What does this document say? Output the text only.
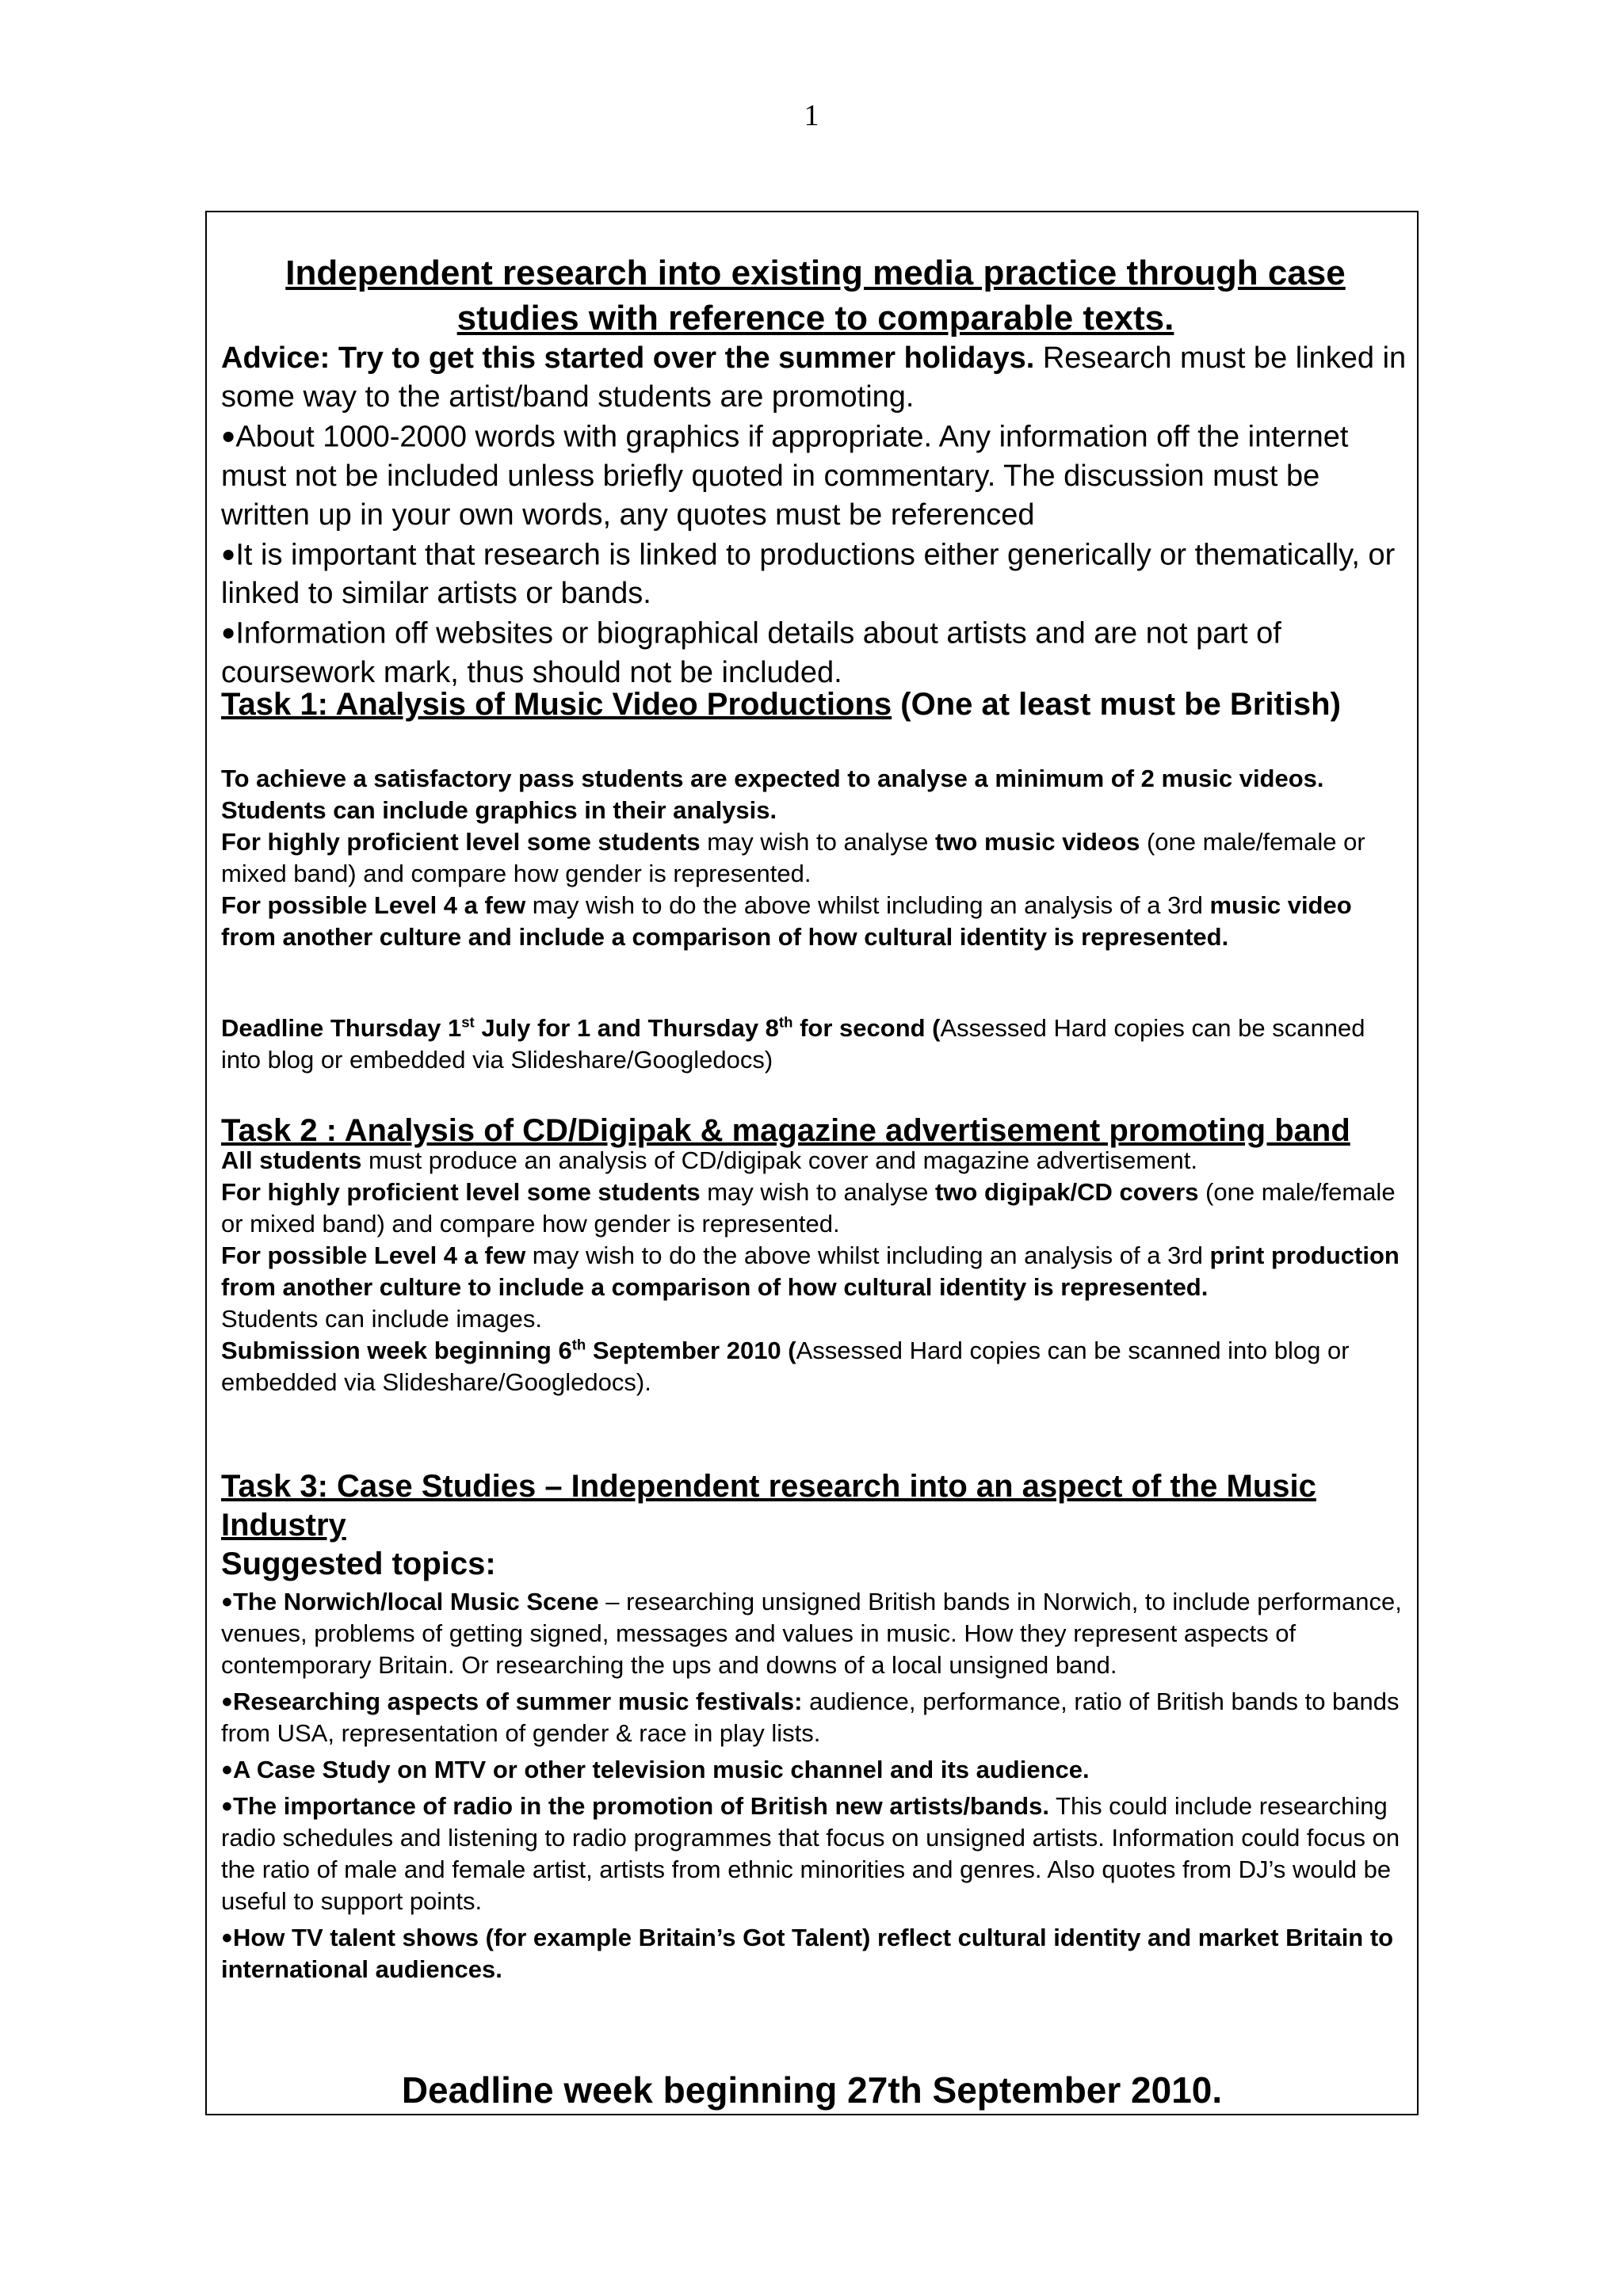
1
Independent research into existing media practice through case
studies with reference to comparable texts.

Advice: Try to get this started over the summer holidays. Research must be linked in some way to the artist/band students are promoting.

●About 1000-2000 words with graphics if appropriate. Any information off the internet must not be included unless briefly quoted in commentary. The discussion must be written up in your own words, any quotes must be referenced

●It is important that research is linked to productions either generically or thematically, or linked to similar artists or bands.

●Information off websites or biographical details about artists and are not part of coursework mark, thus should not be included.

Task 1: Analysis of Music Video Productions (One at least must be British)

To achieve a satisfactory pass students are expected to analyse a minimum of 2 music videos. Students can include graphics in their analysis.

For highly proficient level some students may wish to analyse two music videos (one male/female or mixed band) and compare how gender is represented.

For possible Level 4 a few may wish to do the above whilst including an analysis of a 3rd music video from another culture and include a comparison of how cultural identity is represented.

Deadline Thursday 1st July for 1 and Thursday 8th for second (Assessed Hard copies can be scanned into blog or embedded via Slideshare/Googledocs)
Task 2 : Analysis of CD/Digipak & magazine advertisement promoting band

All students must produce an analysis of CD/digipak cover and magazine advertisement.

For highly proficient level some students may wish to analyse two digipak/CD covers (one male/female or mixed band) and compare how gender is represented.

For possible Level 4 a few may wish to do the above whilst including an analysis of a 3rd print production from another culture to include a comparison of how cultural identity is represented.

Students can include images.

Submission week beginning 6th September 2010 (Assessed Hard copies can be scanned into blog or embedded via Slideshare/Googledocs).

Task 3: Case Studies – Independent research into an aspect of the Music
Industry
Suggested topics:

●The Norwich/local Music Scene – researching unsigned British bands in Norwich, to include performance, venues, problems of getting signed, messages and values in music. How they represent aspects of contemporary Britain. Or researching the ups and downs of a local unsigned band.

●Researching aspects of summer music festivals: audience, performance, ratio of British bands to bands from USA, representation of gender & race in play lists.

●A Case Study on MTV or other television music channel and its audience.

●The importance of radio in the promotion of British new artists/bands. This could include researching radio schedules and listening to radio programmes that focus on unsigned artists. Information could focus on the ratio of male and female artist, artists from ethnic minorities and genres. Also quotes from DJ’s would be useful to support points.

●How TV talent shows (for example Britain’s Got Talent) reflect cultural identity and market Britain to international audiences.

Deadline week beginning 27th September 2010.
